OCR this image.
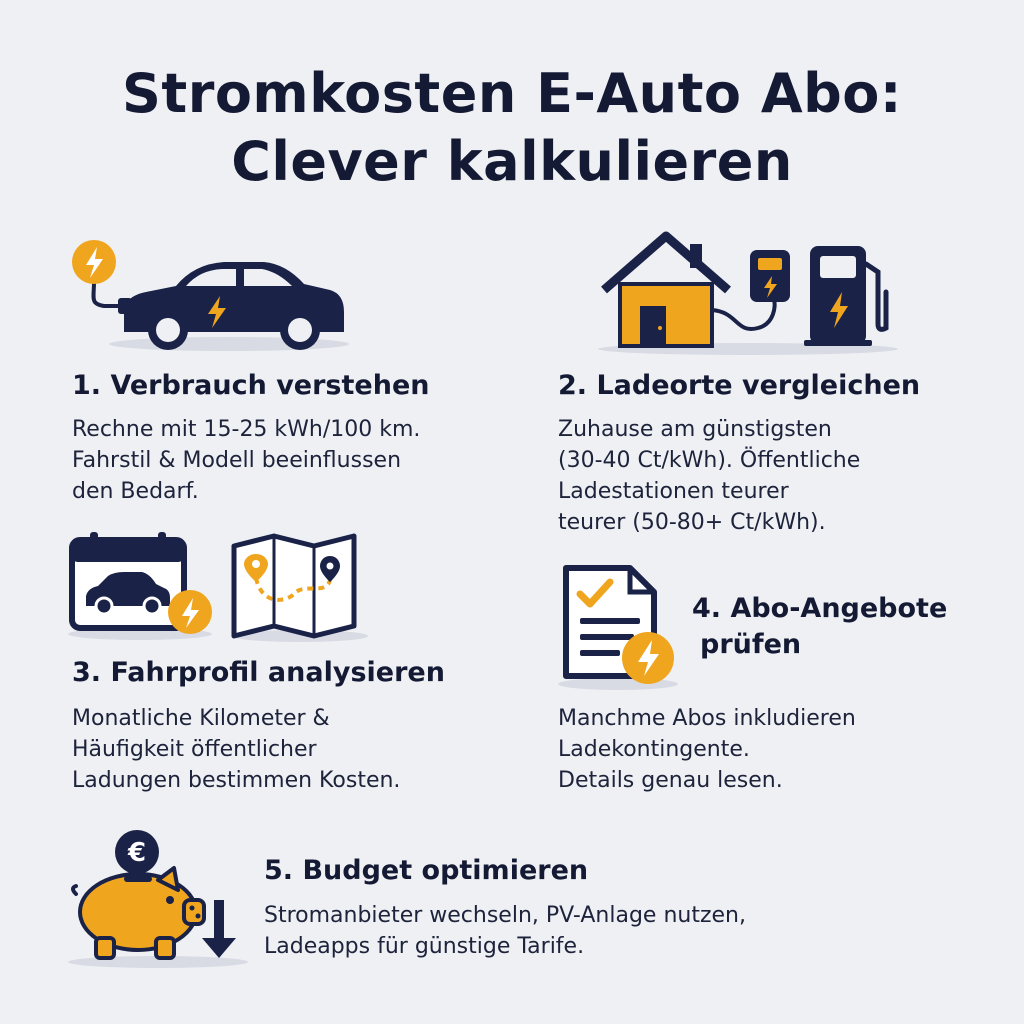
Stromkosten E-Auto Abo:
Clever kalkulieren
€
1. Verbrauch verstehen
Rechne mit 15-25 kWh/100 km.
Fahrstil & Modell beeinflussen
den Bedarf.
2. Ladeorte vergleichen
Zuhause am günstigsten
(30-40 Ct/kWh). Öffentliche
Ladestationen teurer
teurer (50-80+ Ct/kWh).
3. Fahrprofil analysieren
Monatliche Kilometer &
Häufigkeit öffentlicher
Ladungen bestimmen Kosten.
4. Abo-Angebote
prüfen
Manchme Abos inkludieren
Ladekontingente.
Details genau lesen.
5. Budget optimieren
Stromanbieter wechseln, PV-Anlage nutzen,
Ladeapps für günstige Tarife.
